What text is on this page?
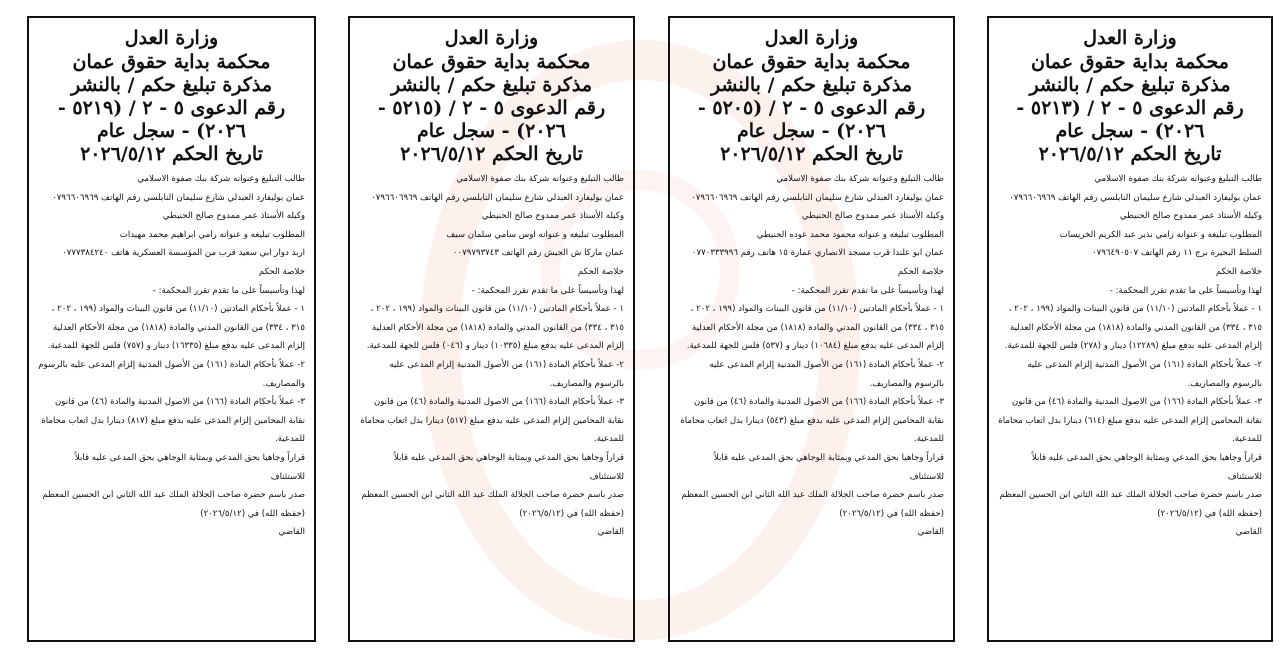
وزارة العدل
محكمة بداية حقوق عمان
مذكرة تبليغ حكم / بالنشر
رقم الدعوى ٥ - ٢ / (٥٢١٣ - ٢٠٢٦) - سجل عام
تاريخ الحكم ٢٠٢٦/٥/١٢

طالب التبليغ وعنوانه شركة بنك صفوة الاسلامي

عمان بوليفارد العبدلي شارع سليمان النابلسي رقم الهاتف ٠٧٩٦٦٠٦٩٦٩

وكيله الأستاذ عمر ممدوح صالح الحنيطي

المطلوب تبليغه و عنوانه رامي نذير عبد الكريم الخريسات

السلط البحيرة برج ١١ رقم الهاتف ٠٧٩٦٤٩٠٥٠٧

خلاصة الحكم

لهذا وتأسيساً على ما تقدم تقرر المحكمة: -

١ - عملاً بأحكام المادتين (١١/١٠) من قانون البينات والمواد (١٩٩ ، ٢٠٢ ، ٣١٥ ، ٣٣٤) من القانون المدني والمادة (١٨١٨) من مجلة الأحكام العدلية إلزام المدعى عليه بدفع مبلغ (١٢٢٨٩) دينار و (٢٧٨) فلس للجهة للمدعية.

٢- عملاً بأحكام المادة (١٦١) من الأصول المدنية إلزام المدعى عليه بالرسوم والمصاريف.

٣- عملاً بأحكام المادة (١٦٦) من الاصول المدنية والمادة (٤٦) من قانون نقابة المحامين إلزام المدعى عليه بدفع مبلغ (٦١٤) دينارا بدل اتعاب محاماة للمدعية.

قراراً وجاهيا بحق المدعي وبمثابة الوجاهي بحق المدعى عليه قابلاً للاستئناف

صدر باسم حضرة صاحب الجلالة الملك عبد الله الثاني ابن الحسين المعظم (حفظه الله) في (٢٠٢٦/٥/١٢)

القاضي

وزارة العدل
محكمة بداية حقوق عمان
مذكرة تبليغ حكم / بالنشر
رقم الدعوى ٥ - ٢ / (٥٢٠٥ - ٢٠٢٦) - سجل عام
تاريخ الحكم ٢٠٢٦/٥/١٢

طالب التبليغ وعنوانه شركة بنك صفوة الاسلامي

عمان بوليفارد العبدلي شارع سليمان النابلسي رقم الهاتف ٠٧٩٦٦٠٦٩٦٩

وكيله الأستاذ عمر ممدوح صالح الحنيطي

المطلوب تبليغه و عنوانه محمود محمد عوده الحنيطي

عمان ابو علندا قرب مسجد الانصاري عمارة ١٥ هاتف رقم ٠٧٧٠٣٣٣٩٩٦

خلاصة الحكم

لهذا وتأسيساً على ما تقدم تقرر المحكمة: -

١ - عملاً بأحكام المادتين (١١/١٠) من قانون البينات والمواد (١٩٩ ، ٢٠٢ ، ٣١٥ ، ٣٣٤) من القانون المدني والمادة (١٨١٨) من مجلة الأحكام العدلية إلزام المدعى عليه بدفع مبلغ (١٠٦٨٤) دينار و (٥٣٧) فلس للجهة للمدعية.

٢- عملاً بأحكام المادة (١٦١) من الأصول المدنية إلزام المدعى عليه بالرسوم والمصاريف.

٣- عملاً بأحكام المادة (١٦٦) من الاصول المدنية والمادة (٤٦) من قانون نقابة المحامين إلزام المدعى عليه بدفع مبلغ (٥٤٣) دينارا بدل اتعاب محاماة للمدعية.

قراراً وجاهيا بحق المدعي وبمثابة الوجاهي بحق المدعى عليه قابلاً للاستئناف

صدر باسم حضرة صاحب الجلالة الملك عبد الله الثاني ابن الحسين المعظم (حفظه الله) في (٢٠٢٦/٥/١٢)

القاضي

وزارة العدل
محكمة بداية حقوق عمان
مذكرة تبليغ حكم / بالنشر
رقم الدعوى ٥ - ٢ / (٥٢١٥ - ٢٠٢٦) - سجل عام
تاريخ الحكم ٢٠٢٦/٥/١٢

طالب التبليغ وعنوانه شركة بنك صفوة الاسلامي

عمان بوليفارد العبدلي شارع سليمان النابلسي رقم الهاتف ٠٧٩٦٦٠٦٩٦٩

وكيله الأستاذ عمر ممدوح صالح الحنيطي

المطلوب تبليغه و عنوانه اوس سامي سلمان سيف

عمان ماركا ش الجيش رقم الهاتف ٠٠٧٩٧٩٣٧٤٣

خلاصة الحكم

لهذا وتأسيساً على ما تقدم تقرر المحكمة: -

١ - عملاً بأحكام المادتين (١١/١٠) من قانون البينات والمواد (١٩٩ ، ٢٠٢ ، ٣١٥ ، ٣٣٤) من القانون المدني والمادة (١٨١٨) من مجلة الأحكام العدلية إلزام المدعى عليه بدفع مبلغ (١٠٣٣٥) دينار و (٠٤٦) فلس للجهة للمدعية.

٢- عملاً بأحكام المادة (١٦١) من الأصول المدنية إلزام المدعى عليه بالرسوم والمصاريف.

٣- عملاً بأحكام المادة (١٦٦) من الاصول المدنية والمادة (٤٦) من قانون نقابة المحامين إلزام المدعى عليه بدفع مبلغ (٥١٧) دينارا بدل اتعاب محاماة للمدعية.

قراراً وجاهيا بحق المدعي وبمثابة الوجاهي بحق المدعى عليه قابلاً للاستئناف

صدر باسم حضرة صاحب الجلالة الملك عبد الله الثاني ابن الحسين المعظم (حفظه الله) في (٢٠٢٦/٥/١٢)

القاضي

وزارة العدل
محكمة بداية حقوق عمان
مذكرة تبليغ حكم / بالنشر
رقم الدعوى ٥ - ٢ / (٥٢١٩ - ٢٠٢٦) - سجل عام
تاريخ الحكم ٢٠٢٦/٥/١٢

طالب التبليغ وعنوانه شركة بنك صفوة الاسلامي

عمان بوليفارد العبدلي شارع سليمان النابلسي رقم الهاتف ٠٧٩٦٦٠٦٩٦٩

وكيله الأستاذ عمر ممدوح صالح الحنيطي

المطلوب تبليغه و عنوانه رامي ابراهيم محمد مهيدات

اربد دوار ابي سعيد قرب من المؤسسة العسكرية هاتف ٠٧٧٧٣٨٤٢٤٠

خلاصة الحكم

لهذا وتأسيساً على ما تقدم تقرر المحكمة: -

١ - عملاً بأحكام المادتين (١١/١٠) من قانون البينات والمواد (١٩٩ ، ٢٠٢ ، ٣١٥ ، ٣٣٤) من القانون المدني والمادة (١٨١٨) من مجلة الأحكام العدلية إلزام المدعى عليه بدفع مبلغ (١٦٣٣٥) دينار و (٧٥٧) فلس للجهة للمدعية.

٢- عملاً بأحكام المادة (١٦١) من الأصول المدنية إلزام المدعى عليه بالرسوم والمصاريف.

٣- عملاً بأحكام المادة (١٦٦) من الاصول المدنية والمادة (٤٦) من قانون نقابة المحامين إلزام المدعى عليه بدفع مبلغ (٨١٧) دينارا بدل اتعاب محاماة للمدعية.

قراراً وجاهيا بحق المدعي وبمثابة الوجاهي بحق المدعى عليه قابلاً للاستئناف

صدر باسم حضرة صاحب الجلالة الملك عبد الله الثاني ابن الحسين المعظم (حفظه الله) في (٢٠٢٦/٥/١٢)

القاضي
